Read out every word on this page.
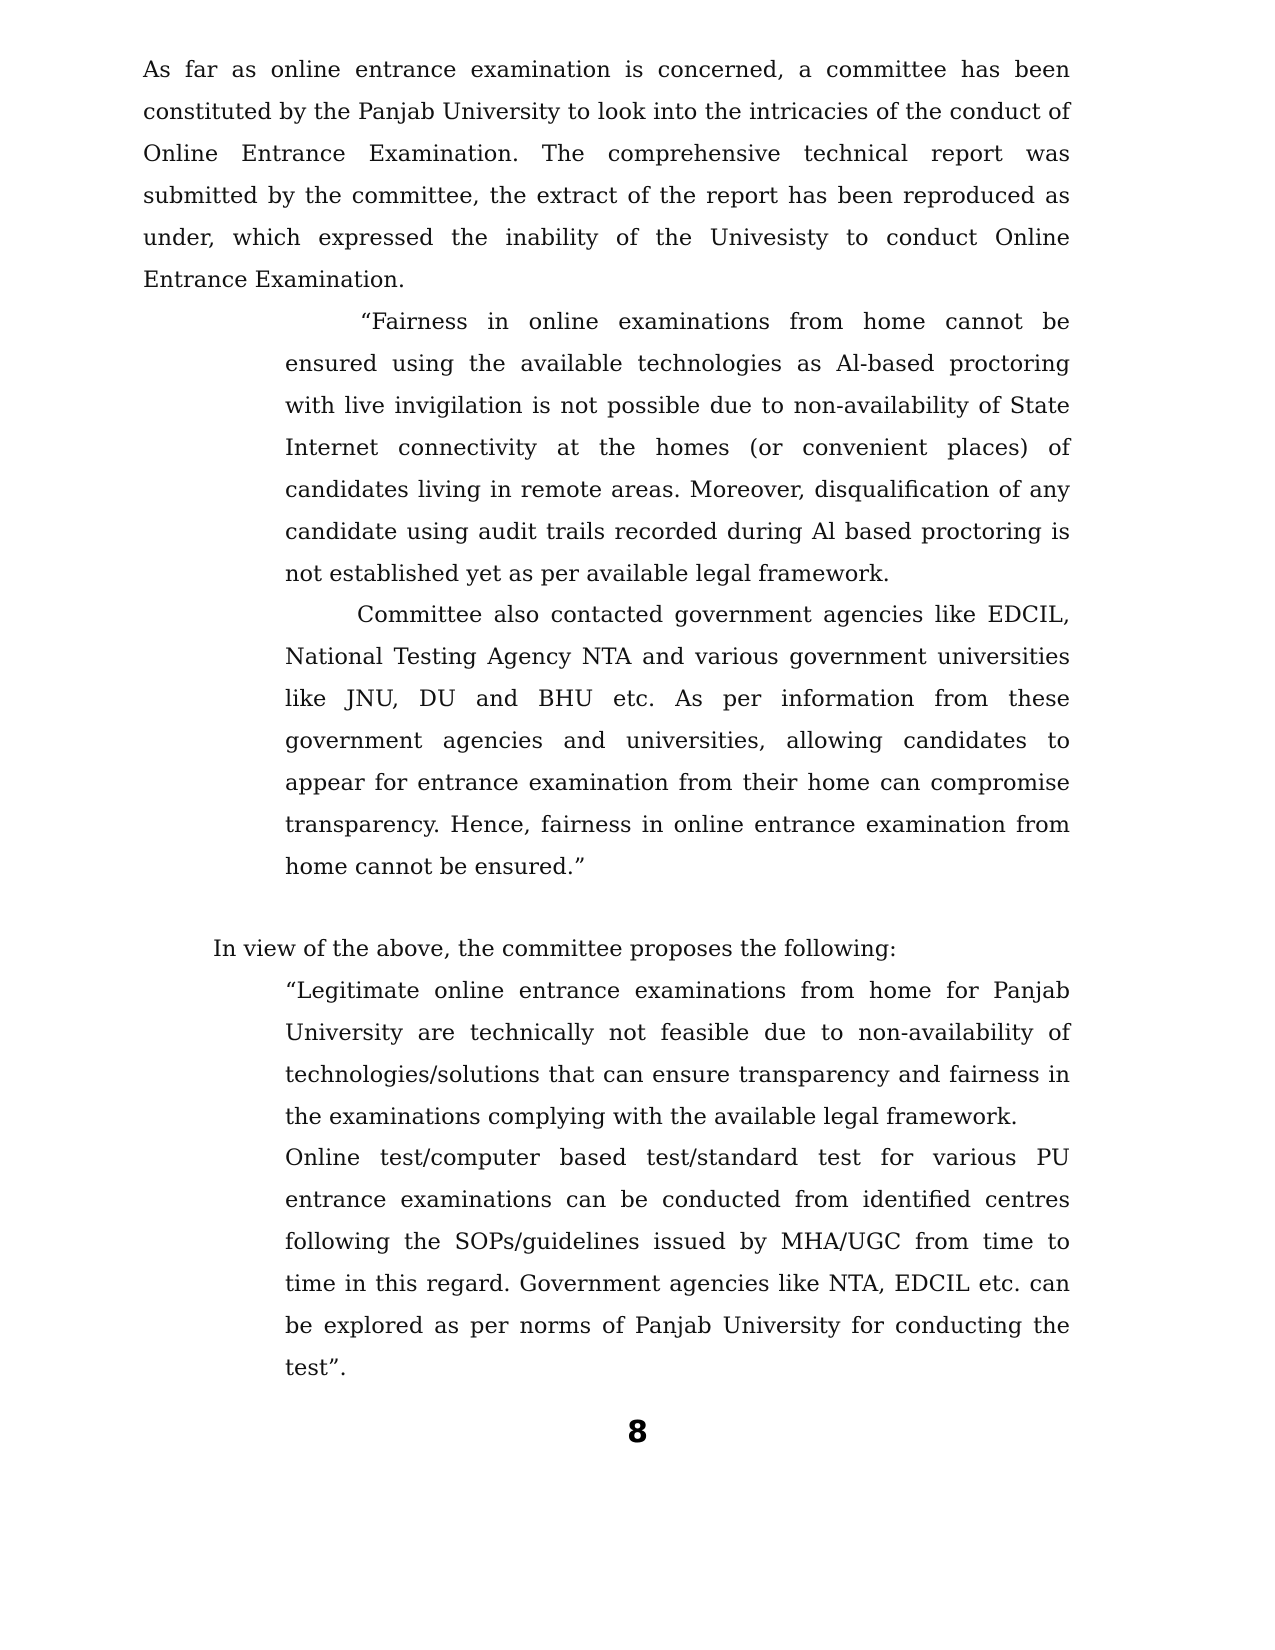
As far as online entrance examination is concerned, a committee has been constituted by the Panjab University to look into the intricacies of the conduct of Online Entrance Examination. The comprehensive technical report was submitted by the committee, the extract of the report has been reproduced as under, which expressed the inability of the Univesisty to conduct Online Entrance Examination.

“Fairness in online examinations from home cannot be ensured using the available technologies as Al-based proctoring with live invigilation is not possible due to non-availability of State Internet connectivity at the homes (or convenient places) of candidates living in remote areas. Moreover, disqualification of any candidate using audit trails recorded during Al based proctoring is not established yet as per available legal framework.

Committee also contacted government agencies like EDCIL, National Testing Agency NTA and various government universities like JNU, DU and BHU etc. As per information from these government agencies and universities, allowing candidates to appear for entrance examination from their home can compromise transparency. Hence, fairness in online entrance examination from home cannot be ensured.”

In view of the above, the committee proposes the following:

“Legitimate online entrance examinations from home for Panjab University are technically not feasible due to non-availability of technologies/solutions that can ensure transparency and fairness in the examinations complying with the available legal framework.

Online test/computer based test/standard test for various PU entrance examinations can be conducted from identified centres following the SOPs/guidelines issued by MHA/UGC from time to time in this regard. Government agencies like NTA, EDCIL etc. can be explored as per norms of Panjab University for conducting the test”.

8
